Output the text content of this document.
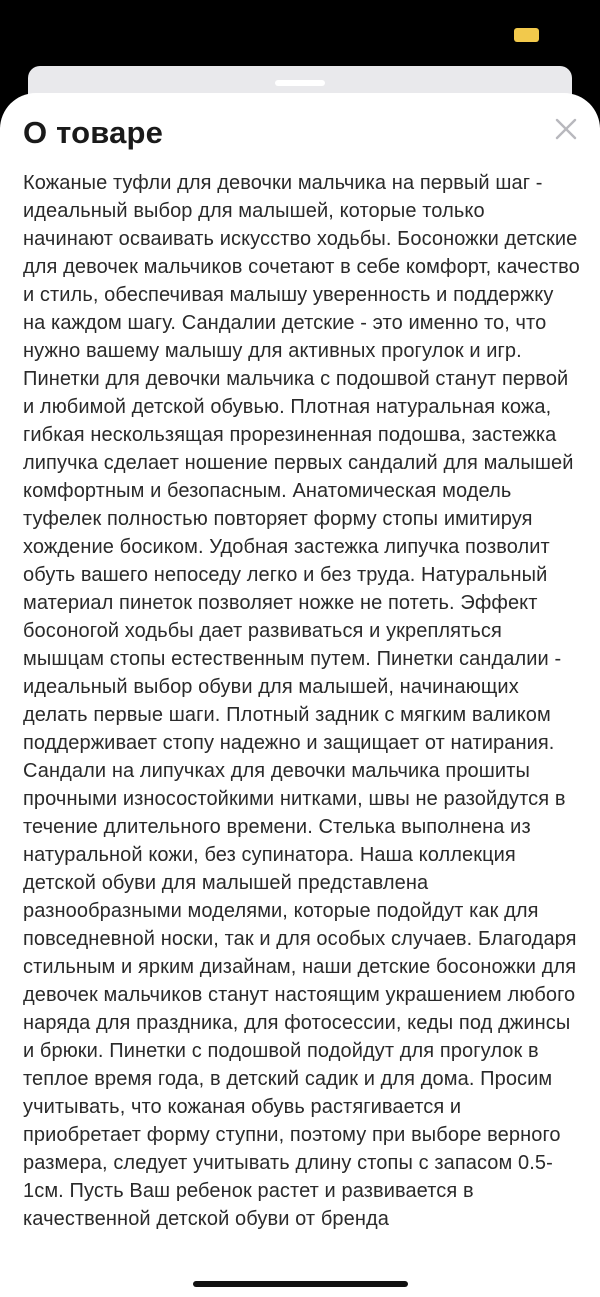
О товаре

Кожаные туфли для девочки мальчика на первый шаг - идеальный выбор для малышей, которые только начинают осваивать искусство ходьбы. Босоножки детские для девочек мальчиков сочетают в себе комфорт, качество и стиль, обеспечивая малышу уверенность и поддержку на каждом шагу. Сандалии детские - это именно то, что нужно вашему малышу для активных прогулок и игр. Пинетки для девочки мальчика с подошвой станут первой и любимой детской обувью. Плотная натуральная кожа, гибкая нескользящая прорезиненная подошва, застежка липучка сделает ношение первых сандалий для малышей комфортным и безопасным. Анатомическая модель туфелек полностью повторяет форму стопы имитируя хождение босиком. Удобная застежка липучка позволит обуть вашего непоседу легко и без труда. Натуральный материал пинеток позволяет ножке не потеть. Эффект босоногой ходьбы дает развиваться и укрепляться мышцам стопы естественным путем. Пинетки сандалии - идеальный выбор обуви для малышей, начинающих делать первые шаги. Плотный задник с мягким валиком поддерживает стопу надежно и защищает от натирания. Сандали на липучках для девочки мальчика прошиты прочными износостойкими нитками, швы не разойдутся в течение длительного времени. Стелька выполнена из натуральной кожи, без супинатора. Наша коллекция детской обуви для малышей представлена разнообразными моделями, которые подойдут как для повседневной носки, так и для особых случаев. Благодаря стильным и ярким дизайнам, наши детские босоножки для девочек мальчиков станут настоящим украшением любого наряда для праздника, для фотосессии, кеды под джинсы и брюки. Пинетки с подошвой подойдут для прогулок в теплое время года, в детский садик и для дома. Просим учитывать, что кожаная обувь растягивается и приобретает форму ступни, поэтому при выборе верного размера, следует учитывать длину стопы с запасом 0.5-1см. Пусть Ваш ребенок растет и развивается в качественной детской обуви от бренда
